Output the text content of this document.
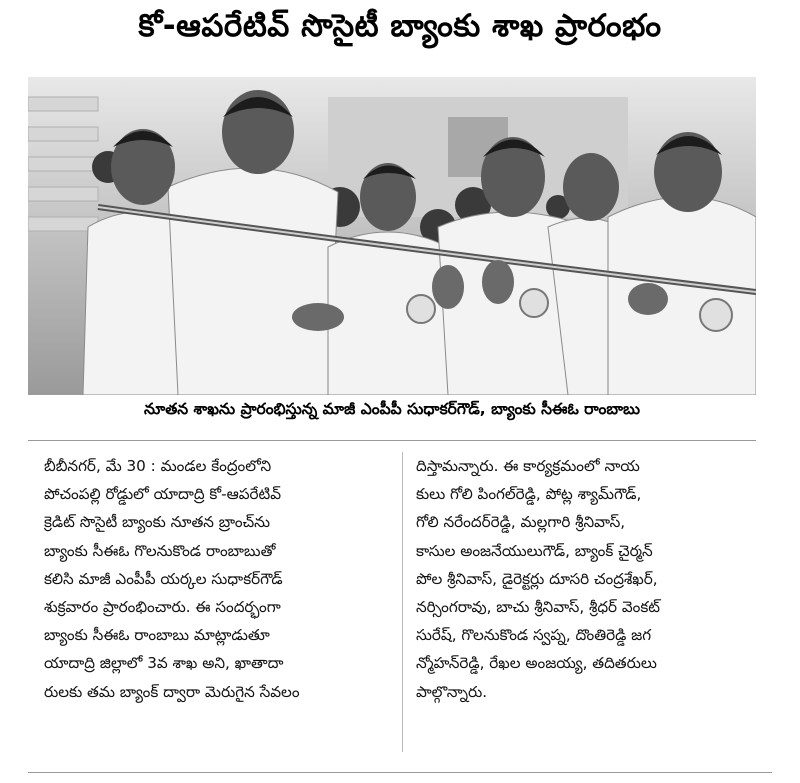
కో-ఆపరేటివ్ సొసైటీ బ్యాంకు శాఖ ప్రారంభం
నూతన శాఖను ప్రారంభిస్తున్న మాజీ ఎంపీపీ సుధాకర్‌గౌడ్, బ్యాంకు సీఈఓ రాంబాబు
బీబీనగర్, మే 30 : మండల కేంద్రంలోని
పోచంపల్లి రోడ్డులో యాదాద్రి కో-ఆపరేటివ్
క్రెడిట్ సొసైటీ బ్యాంకు నూతన బ్రాంచ్‌ను
బ్యాంకు సీఈఓ గొలనుకొండ రాంబాబుతో
కలిసి మాజీ ఎంపీపీ యర్కల సుధాకర్‌గౌడ్
శుక్రవారం ప్రారంభించారు. ఈ సందర్భంగా
బ్యాంకు సీఈఓ రాంబాబు మాట్లాడుతూ
యాదాద్రి జిల్లాలో 3వ శాఖ అని, ఖాతాదా
రులకు తమ బ్యాంక్ ద్వారా మెరుగైన సేవలం
దిస్తామన్నారు. ఈ కార్యక్రమంలో నాయ
కులు గోలి పింగల్‌రెడ్డి, పోట్ల శ్యామ్‌గౌడ్,
గోలి నరేందర్‌రెడ్డి, మల్లగారి శ్రీనివాస్,
కాసుల అంజనేయులుగౌడ్, బ్యాంక్ చైర్మన్
పోల శ్రీనివాస్, డైరెక్టర్లు దూసరి చంద్రశేఖర్,
నర్సింగరావు, బాచు శ్రీనివాస్, శ్రీధర్ వెంకట్
సురేష్, గొలనుకొండ స్వప్న, దొంతిరెడ్డి జగ
న్మోహన్‌రెడ్డి, రేఖల అంజయ్య, తదితరులు
పాల్గొన్నారు.
